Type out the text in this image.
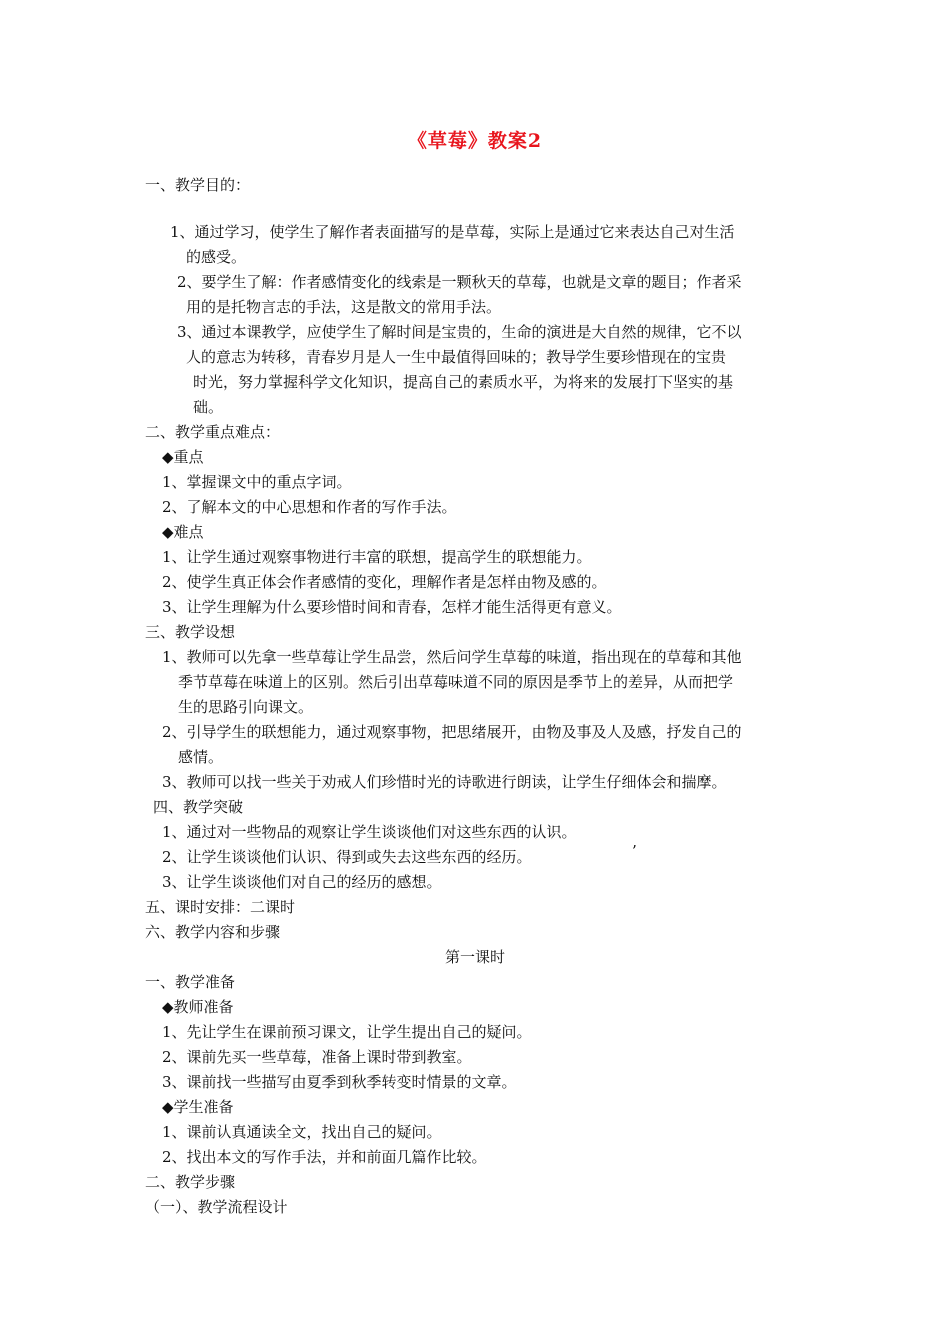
《草莓》教案2
一、教学目的：
1、通过学习，使学生了解作者表面描写的是草莓，实际上是通过它来表达自己对生活
的感受。
2、要学生了解：作者感情变化的线索是一颗秋天的草莓，也就是文章的题目；作者采
用的是托物言志的手法，这是散文的常用手法。
3、通过本课教学，应使学生了解时间是宝贵的，生命的演进是大自然的规律，它不以
人的意志为转移，青春岁月是人一生中最值得回味的；教导学生要珍惜现在的宝贵
时光，努力掌握科学文化知识，提高自己的素质水平，为将来的发展打下坚实的基
础。
二、教学重点难点：
◆重点
1、掌握课文中的重点字词。
2、了解本文的中心思想和作者的写作手法。
◆难点
1、让学生通过观察事物进行丰富的联想，提高学生的联想能力。
2、使学生真正体会作者感情的变化，理解作者是怎样由物及感的。
3、让学生理解为什么要珍惜时间和青春，怎样才能生活得更有意义。
三、教学设想
1、教师可以先拿一些草莓让学生品尝，然后问学生草莓的味道，指出现在的草莓和其他
季节草莓在味道上的区别。然后引出草莓味道不同的原因是季节上的差异，从而把学
生的思路引向课文。
2、引导学生的联想能力，通过观察事物，把思绪展开，由物及事及人及感，抒发自己的
感情。
3、教师可以找一些关于劝戒人们珍惜时光的诗歌进行朗读，让学生仔细体会和揣摩。
四、教学突破
1、通过对一些物品的观察让学生谈谈他们对这些东西的认识。
2、让学生谈谈他们认识、得到或失去这些东西的经历。	’
3、让学生谈谈他们对自己的经历的感想。
五、课时安排：二课时
六、教学内容和步骤
第一课时
一、教学准备
◆教师准备
1、先让学生在课前预习课文，让学生提出自己的疑问。
2、课前先买一些草莓，准备上课时带到教室。
3、课前找一些描写由夏季到秋季转变时情景的文章。
◆学生准备
1、课前认真通读全文，找出自己的疑问。
2、找出本文的写作手法，并和前面几篇作比较。
二、教学步骤
（一）、教学流程设计
